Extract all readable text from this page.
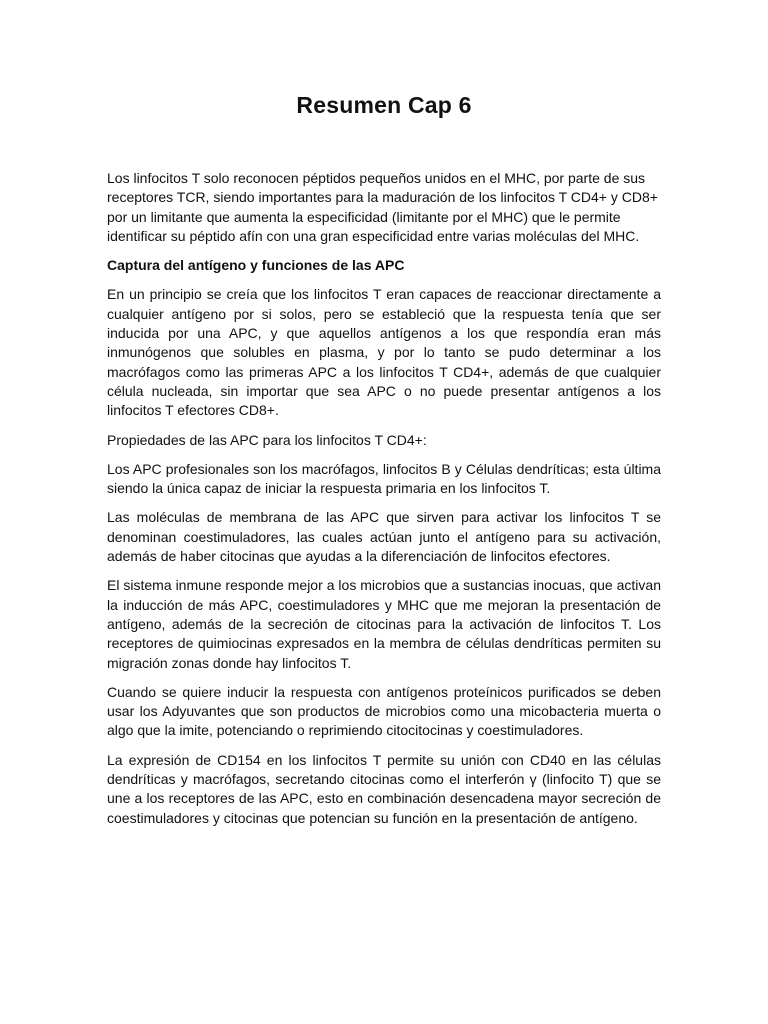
Resumen Cap 6

Los linfocitos T solo reconocen péptidos pequeños unidos en el MHC, por parte de sus receptores TCR, siendo importantes para la maduración de los linfocitos T CD4+ y CD8+ por un limitante que aumenta la especificidad (limitante por el MHC) que le permite identificar su péptido afín con una gran especificidad entre varias moléculas del MHC.

Captura del antígeno y funciones de las APC

En un principio se creía que los linfocitos T eran capaces de reaccionar directamente a cualquier antígeno por si solos, pero se estableció que la respuesta tenía que ser inducida por una APC, y que aquellos antígenos a los que respondía eran más inmunógenos que solubles en plasma, y por lo tanto se pudo determinar a los macrófagos como las primeras APC a los linfocitos T CD4+, además de que cualquier célula nucleada, sin importar que sea APC o no puede presentar antígenos a los linfocitos T efectores CD8+.

Propiedades de las APC para los linfocitos T CD4+:

Los APC profesionales son los macrófagos, linfocitos B y Células dendríticas; esta última siendo la única capaz de iniciar la respuesta primaria en los linfocitos T.

Las moléculas de membrana de las APC que sirven para activar los linfocitos T se denominan coestimuladores, las cuales actúan junto el antígeno para su activación, además de haber citocinas que ayudas a la diferenciación de linfocitos efectores.

El sistema inmune responde mejor a los microbios que a sustancias inocuas, que activan la inducción de más APC, coestimuladores y MHC que me mejoran la presentación de antígeno, además de la secreción de citocinas para la activación de linfocitos T. Los receptores de quimiocinas expresados en la membra de células dendríticas permiten su migración zonas donde hay linfocitos T.

Cuando se quiere inducir la respuesta con antígenos proteínicos purificados se deben usar los Adyuvantes que son productos de microbios como una micobacteria muerta o algo que la imite, potenciando o reprimiendo citocitocinas y coestimuladores.

La expresión de CD154 en los linfocitos T permite su unión con CD40 en las células dendríticas y macrófagos, secretando citocinas como el interferón γ (linfocito T) que se une a los receptores de las APC, esto en combinación desencadena mayor secreción de coestimuladores y citocinas que potencian su función en la presentación de antígeno.
